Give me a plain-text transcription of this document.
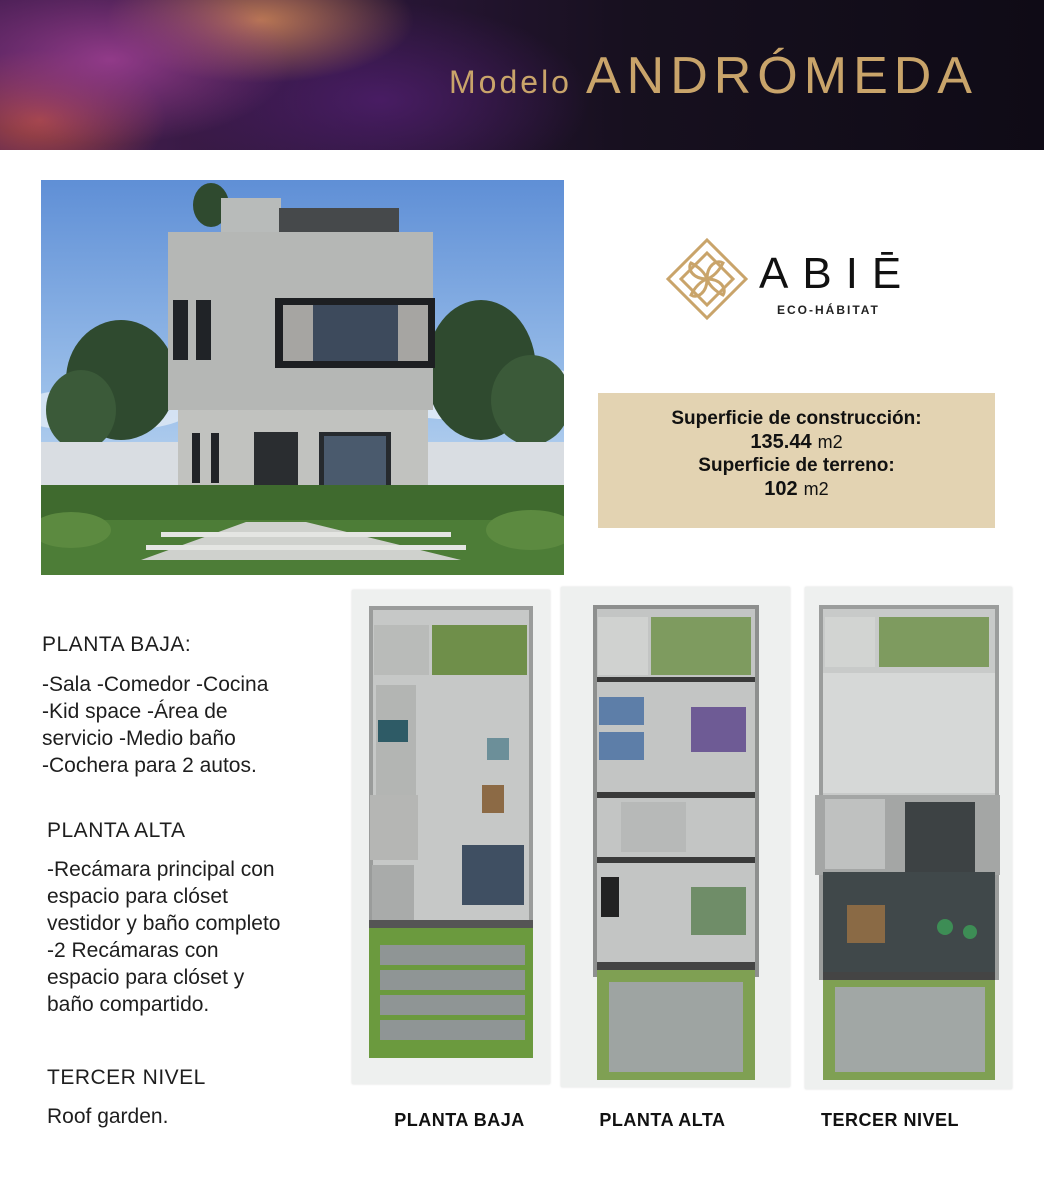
Modelo ANDRÓMEDA
ABIĒ
ECO-HÁBITAT
Superficie de construcción:
135.44 m2
Superficie de terreno:
102 m2
PLANTA BAJA:
-Sala -Comedor -Cocina
-Kid space -Área de
servicio -Medio baño
-Cochera para 2 autos.
PLANTA ALTA
-Recámara principal con
espacio para clóset
vestidor y baño completo
-2 Recámaras con
espacio para clóset y
baño compartido.
TERCER NIVEL
Roof garden.	PLANTA BAJA	PLANTA ALTA	TERCER NIVEL
